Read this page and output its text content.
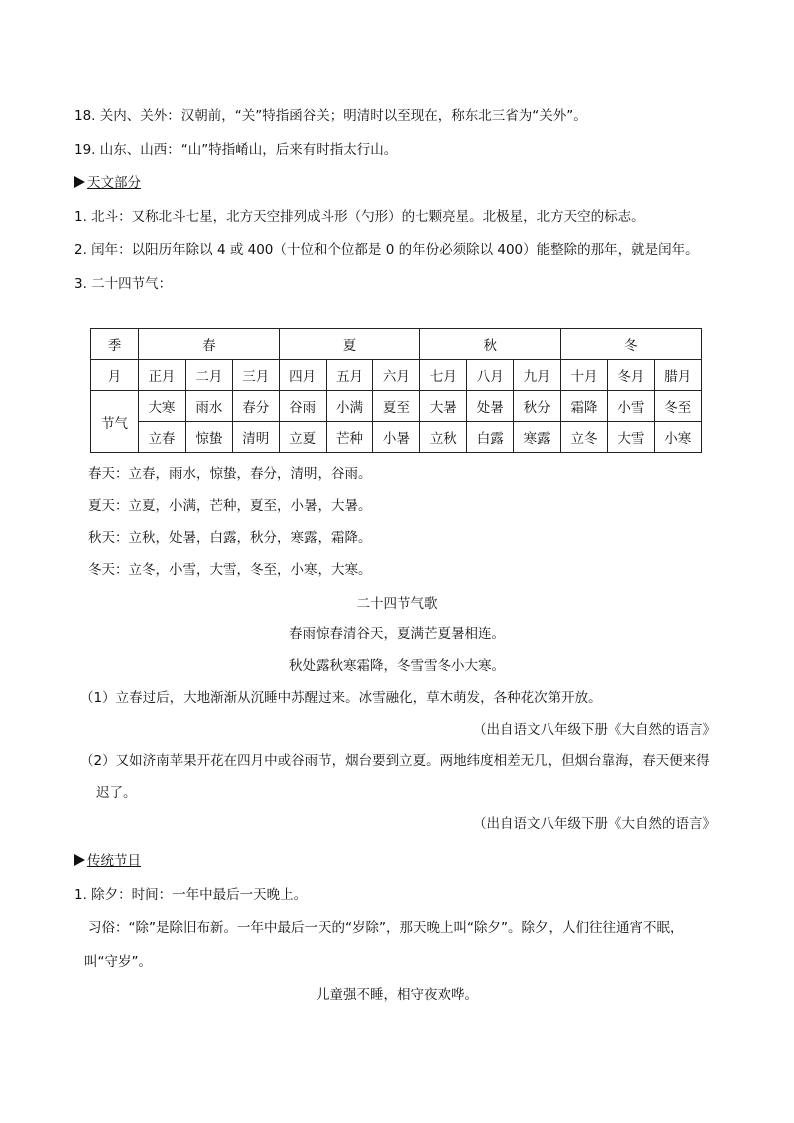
18. 关内、关外：汉朝前，“关”特指函谷关；明清时以至现在，称东北三省为“关外”。
19. 山东、山西：“山”特指崤山，后来有时指太行山。
天文部分
1. 北斗：又称北斗七星，北方天空排列成斗形（勺形）的七颗亮星。北极星，北方天空的标志。
2. 闰年：以阳历年除以 4 或 400（十位和个位都是 0 的年份必须除以 400）能整除的那年，就是闰年。
3. 二十四节气：
季	春			夏			秋			冬		
月	正月	二月	三月	四月	五月	六月	七月	八月	九月	十月	冬月	腊月
节气	大寒	雨水	春分	谷雨	小满	夏至	大暑	处暑	秋分	霜降	小雪	冬至
	立春	惊蛰	清明	立夏	芒种	小暑	立秋	白露	寒露	立冬	大雪	小寒
春天：立春，雨水，惊蛰，春分，清明，谷雨。
夏天：立夏，小满，芒种，夏至，小暑，大暑。
秋天：立秋，处暑，白露，秋分，寒露，霜降。
冬天：立冬，小雪，大雪，冬至，小寒，大寒。
二十四节气歌
春雨惊春清谷天，夏满芒夏暑相连。
秋处露秋寒霜降，冬雪雪冬小大寒。
（1）立春过后，大地渐渐从沉睡中苏醒过来。冰雪融化，草木萌发，各种花次第开放。
（出自语文八年级下册《大自然的语言》
（2）又如济南苹果开花在四月中或谷雨节，烟台要到立夏。两地纬度相差无几，但烟台靠海，春天便来得
迟了。
（出自语文八年级下册《大自然的语言》
传统节日
1. 除夕：时间：一年中最后一天晚上。
习俗：“除”是除旧布新。一年中最后一天的“岁除”，那天晚上叫“除夕”。除夕，人们往往通宵不眠，
叫“守岁”。
儿童强不睡，相守夜欢哗。
